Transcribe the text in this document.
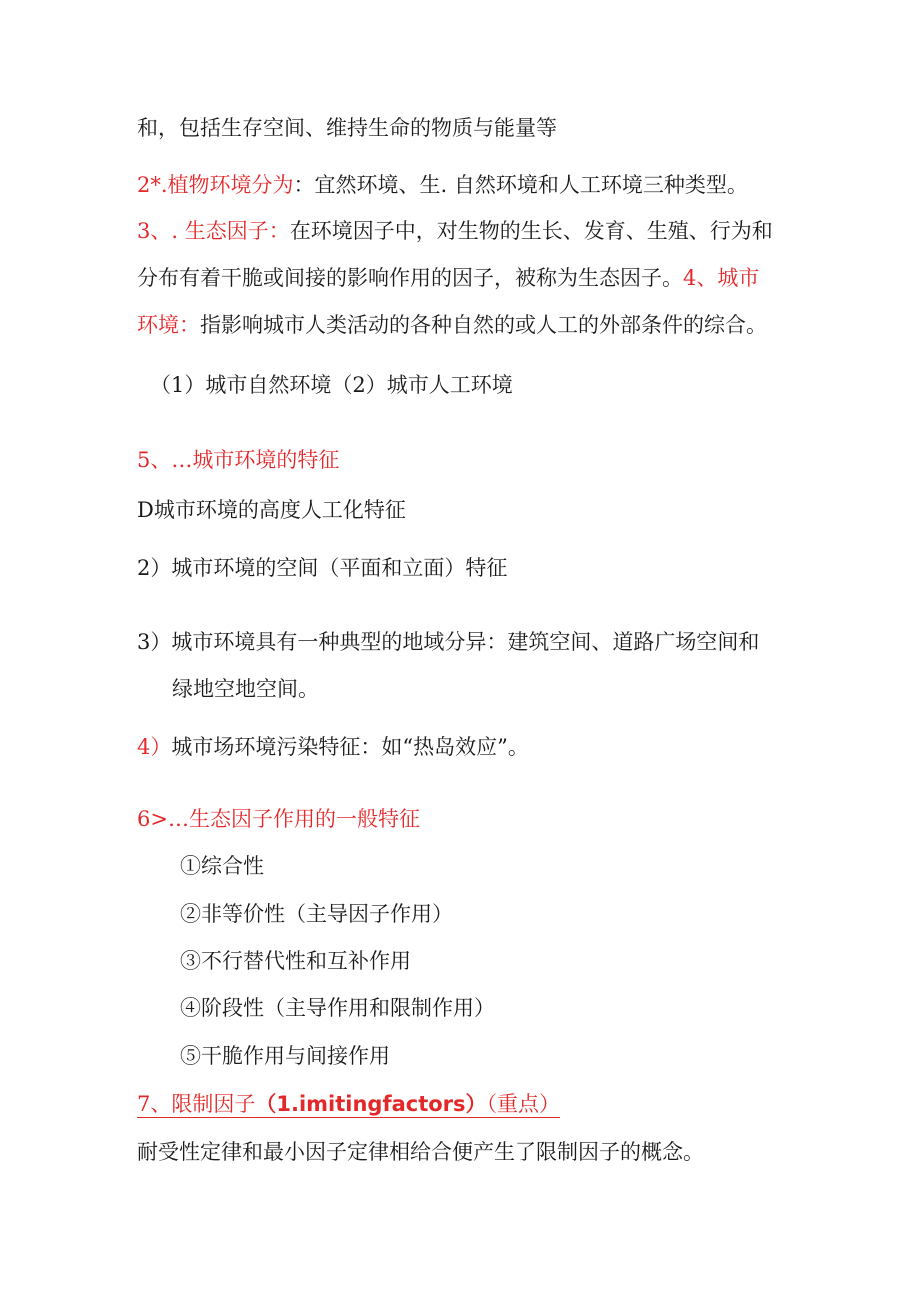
和，包括生存空间、维持生命的物质与能量等
2*.植物环境分为：宜然环境、生. 自然环境和人工环境三种类型。
3、. 生态因子：在环境因子中，对生物的生长、发育、生殖、行为和
分布有着干脆或间接的影响作用的因子，被称为生态因子。4、城市
环境：指影响城市人类活动的各种自然的或人工的外部条件的综合。
（1）城市自然环境（2）城市人工环境
5、…城市环境的特征
D城市环境的高度人工化特征
2）城市环境的空间（平面和立面）特征
3）城市环境具有一种典型的地域分异：建筑空间、道路广场空间和
绿地空地空间。
4）城市场环境污染特征：如“热岛效应”。
6>…生态因子作用的一般特征
①综合性
②非等价性（主导因子作用）
③不行替代性和互补作用
④阶段性（主导作用和限制作用）
⑤干脆作用与间接作用
7、限制因子（1.imitingfactors）（重点）
耐受性定律和最小因子定律相给合便产生了限制因子的概念。
